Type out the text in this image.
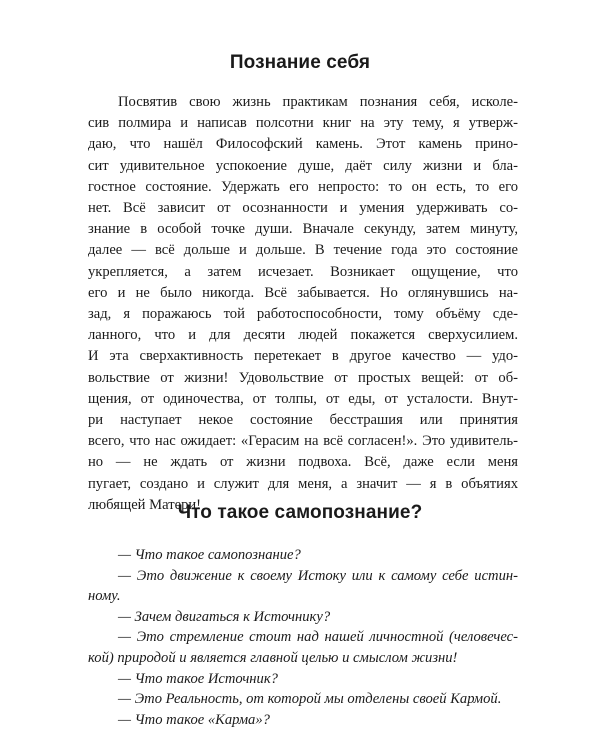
Познание себя
Посвятив свою жизнь практикам познания себя, исколе-
сив полмира и написав полсотни книг на эту тему, я утверж-
даю, что нашёл Философский камень. Этот камень прино-
сит удивительное успокоение душе, даёт силу жизни и бла-
гостное состояние. Удержать его непросто: то он есть, то его
нет. Всё зависит от осознанности и умения удерживать со-
знание в особой точке души. Вначале секунду, затем минуту,
далее — всё дольше и дольше. В течение года это состояние
укрепляется, а затем исчезает. Возникает ощущение, что
его и не было никогда. Всё забывается. Но оглянувшись на-
зад, я поражаюсь той работоспособности, тому объёму сде-
ланного, что и для десяти людей покажется сверхусилием.
И эта сверхактивность перетекает в другое качество — удо-
вольствие от жизни! Удовольствие от простых вещей: от об-
щения, от одиночества, от толпы, от еды, от усталости. Внут-
ри наступает некое состояние бесстрашия или принятия
всего, что нас ожидает: «Герасим на всё согласен!». Это удивитель-
но — не ждать от жизни подвоха. Всё, даже если меня
пугает, создано и служит для меня, а значит — я в объятиях
любящей Матери!
Что такое самопознание?
— Что такое самопознание?
— Это движение к своему Истоку или к самому себе истин-
ному.
— Зачем двигаться к Источнику?
— Это стремление стоит над нашей личностной (человечес-
кой) природой и является главной целью и смыслом жизни!
— Что такое Источник?
— Это Реальность, от которой мы отделены своей Кармой.
— Что такое «Карма»?
